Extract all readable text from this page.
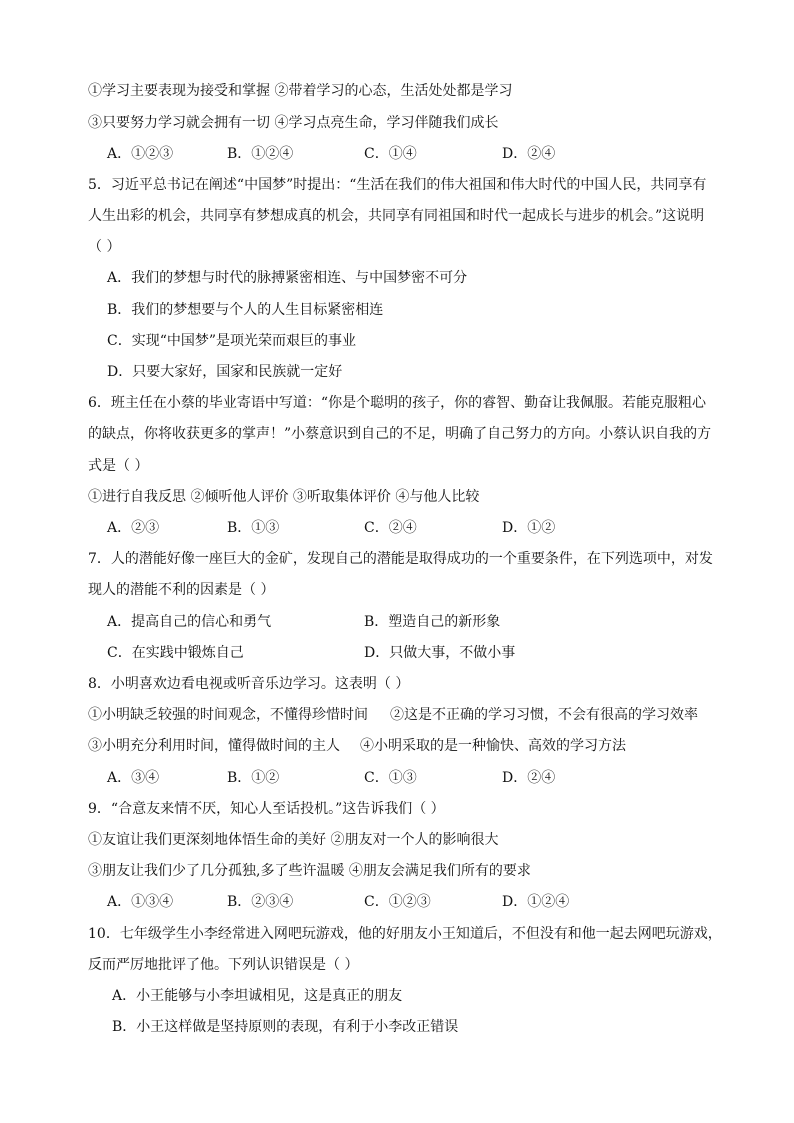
①学习主要表现为接受和掌握 ②带着学习的心态，生活处处都是学习
③只要努力学习就会拥有一切 ④学习点亮生命，学习伴随我们成长
A．①②③	B．①②④	C．①④	D．②④
5．习近平总书记在阐述“中国梦”时提出：“生活在我们的伟大祖国和伟大时代的中国人民，共同享有
人生出彩的机会，共同享有梦想成真的机会，共同享有同祖国和时代一起成长与进步的机会。”这说明
（ ）
A．我们的梦想与时代的脉搏紧密相连、与中国梦密不可分
B．我们的梦想要与个人的人生目标紧密相连
C．实现“中国梦”是项光荣而艰巨的事业
D．只要大家好，国家和民族就一定好
6．班主任在小蔡的毕业寄语中写道：“你是个聪明的孩子，你的睿智、勤奋让我佩服。若能克服粗心
的缺点，你将收获更多的掌声！”小蔡意识到自己的不足，明确了自己努力的方向。小蔡认识自我的方
式是（ ）
①进行自我反思 ②倾听他人评价 ③听取集体评价 ④与他人比较
A．②③	B．①③	C．②④	D．①②
7．人的潜能好像一座巨大的金矿，发现自己的潜能是取得成功的一个重要条件，在下列选项中，对发
现人的潜能不利的因素是（ ）
A．提高自己的信心和勇气	B．塑造自己的新形象
C．在实践中锻炼自己	D．只做大事，不做小事
8．小明喜欢边看电视或听音乐边学习。这表明（ ）
①小明缺乏较强的时间观念，不懂得珍惜时间 ②这是不正确的学习习惯，不会有很高的学习效率
③小明充分利用时间，懂得做时间的主人 ④小明采取的是一种愉快、高效的学习方法
A．③④	B．①②	C．①③	D．②④
9．“合意友来情不厌，知心人至话投机。”这告诉我们（ ）
①友谊让我们更深刻地体悟生命的美好 ②朋友对一个人的影响很大
③朋友让我们少了几分孤独,多了些许温暖 ④朋友会满足我们所有的要求
A．①③④	B．②③④	C．①②③	D．①②④
10．七年级学生小李经常进入网吧玩游戏，他的好朋友小王知道后，不但没有和他一起去网吧玩游戏，
反而严厉地批评了他。下列认识错误是（ ）
A．小王能够与小李坦诚相见，这是真正的朋友
B．小王这样做是坚持原则的表现，有利于小李改正错误
